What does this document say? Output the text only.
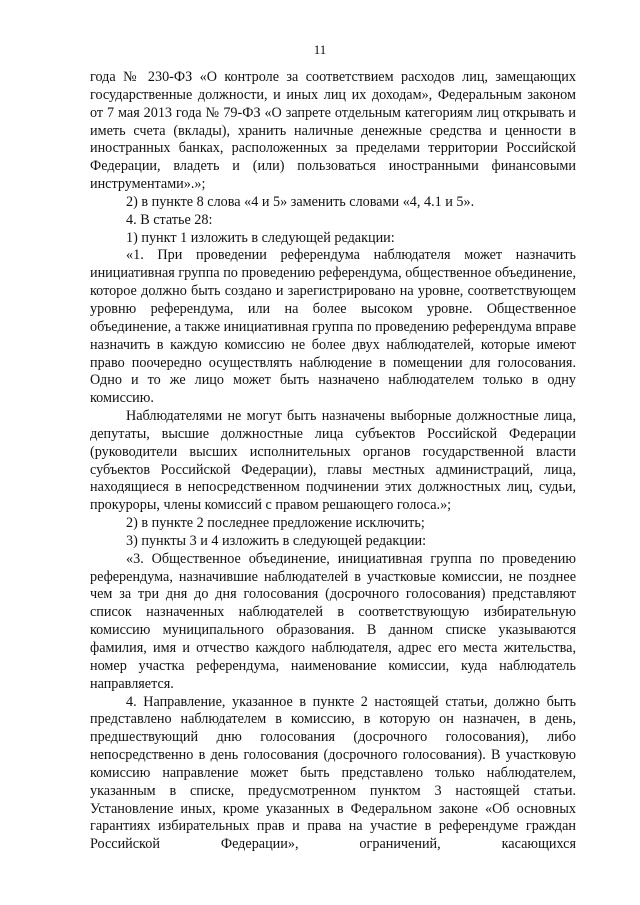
11

года № 230-ФЗ «О контроле за соответствием расходов лиц, замещающих государственные должности, и иных лиц их доходам», Федеральным законом от 7 мая 2013 года № 79-ФЗ «О запрете отдельным категориям лиц открывать и иметь счета (вклады), хранить наличные денежные средства и ценности в иностранных банках, расположенных за пределами территории Российской Федерации, владеть и (или) пользоваться иностранными финансовыми инструментами».»;

2) в пункте 8 слова «4 и 5» заменить словами «4, 4.1 и 5».

4. В статье 28:

1) пункт 1 изложить в следующей редакции:

«1. При проведении референдума наблюдателя может назначить инициативная группа по проведению референдума, общественное объединение, которое должно быть создано и зарегистрировано на уровне, соответствующем уровню референдума, или на более высоком уровне. Общественное объединение, а также инициативная группа по проведению референдума вправе назначить в каждую комиссию не более двух наблюдателей, которые имеют право поочередно осуществлять наблюдение в помещении для голосования. Одно и то же лицо может быть назначено наблюдателем только в одну комиссию.

Наблюдателями не могут быть назначены выборные должностные лица, депутаты, высшие должностные лица субъектов Российской Федерации (руководители высших исполнительных органов государственной власти субъектов Российской Федерации), главы местных администраций, лица, находящиеся в непосредственном подчинении этих должностных лиц, судьи, прокуроры, члены комиссий с правом решающего голоса.»;

2) в пункте 2 последнее предложение исключить;

3) пункты 3 и 4 изложить в следующей редакции:

«3. Общественное объединение, инициативная группа по проведению референдума, назначившие наблюдателей в участковые комиссии, не позднее чем за три дня до дня голосования (досрочного голосования) представляют список назначенных наблюдателей в соответствующую избирательную комиссию муниципального образования. В данном списке указываются фамилия, имя и отчество каждого наблюдателя, адрес его места жительства, номер участка референдума, наименование комиссии, куда наблюдатель направляется.

4. Направление, указанное в пункте 2 настоящей статьи, должно быть представлено наблюдателем в комиссию, в которую он назначен, в день, предшествующий дню голосования (досрочного голосования), либо непосредственно в день голосования (досрочного голосования). В участковую комиссию направление может быть представлено только наблюдателем, указанным в списке, предусмотренном пунктом 3 настоящей статьи. Установление иных, кроме указанных в Федеральном законе «Об основных гарантиях избирательных прав и права на участие в референдуме граждан Российской Федерации», ограничений, касающихся
